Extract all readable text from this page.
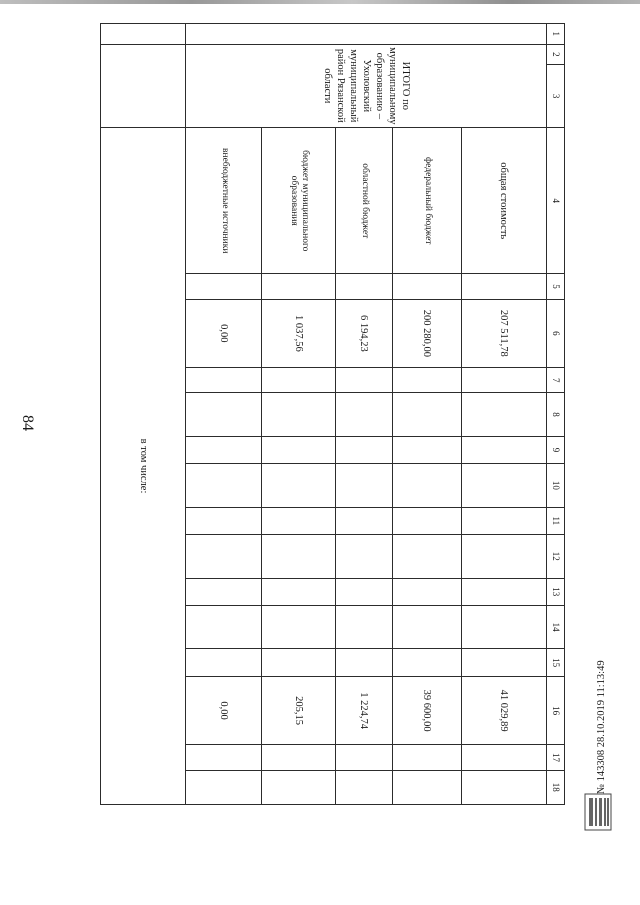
84
1	2	3	4	5	6	7	8	9	10	11	12	13	14	15	16	17	18
	ИТОГО по муниципальному образованию – Ухоловский муниципальный район Рязанской области		общая стоимость		207 511,78										41 029,89		
			федеральный бюджет		200 280,00										39 600,00		
			областной бюджет		6 194,23										1 224,74		
			бюджет муниципального образования		1 037,56										205,15		
			внебюджетные источники		0,00										0,00		
			в том числе:														
№ 143308 28.10.2019 11:13:49
